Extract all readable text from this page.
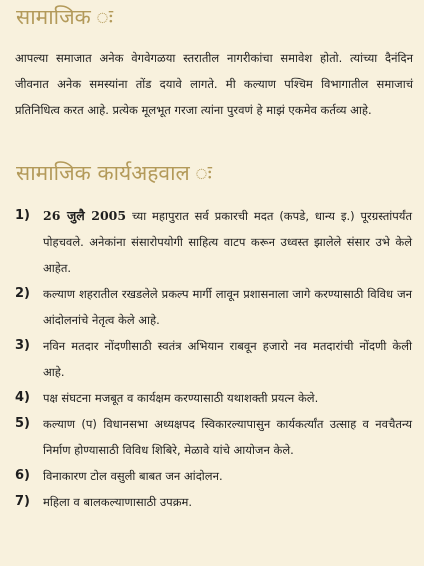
सामाजिक ः
आपल्या समाजात अनेक वेगवेगळया स्तरातील नागरीकांचा समावेश होतो. त्यांच्या दैनंदिन जीवनात अनेक समस्यांना तोंड दयावे लागते. मी कल्याण पश्चिम विभागातील समाजाचं प्रतिनिधित्व करत आहे. प्रत्येक मूलभूत गरजा त्यांना पुरवणं हे माझं एकमेव कर्तव्य आहे.
सामाजिक कार्यअहवाल ः
1)	26 जुलै 2005 च्या महापुरात सर्व प्रकारची मदत (कपडे, धान्य इ.) पूरग्रस्तांपर्यंत पोहचवले. अनेकांना संसारोपयोगी साहित्य वाटप करून उध्वस्त झालेले संसार उभे केले आहेत.
2)	कल्याण शहरातील रखडलेले प्रकल्प मार्गी लावून प्रशासनाला जागे करण्यासाठी विविध जन आंदोलनांचे नेतृत्व केले आहे.
3)	नविन मतदार नोंदणीसाठी स्वतंत्र अभियान राबवून हजारो नव मतदारांची नोंदणी केली आहे.
4)	पक्ष संघटना मजबूत व कार्यक्षम करण्यासाठी यथाशक्ती प्रयत्न केले.
5)	कल्याण (प) विधानसभा अध्यक्षपद स्विकारल्यापासुन कार्यकर्त्यांत उत्साह व नवचैतन्य निर्माण होण्यासाठी विविध शिबिरे, मेळावे यांचे आयोजन केले.
6)	विनाकारण टोल वसुली बाबत जन आंदोलन.
7)	महिला व बालकल्याणासाठी उपक्रम.
